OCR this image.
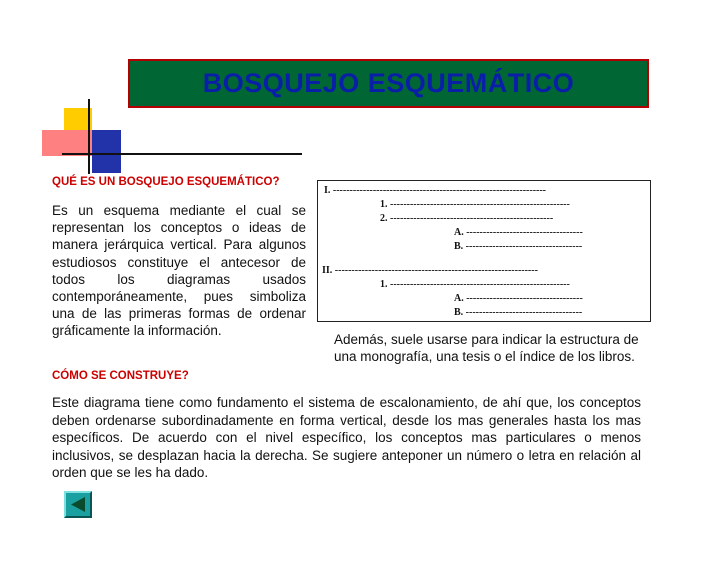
BOSQUEJO ESQUEMÁTICO
QUÉ ES UN BOSQUEJO ESQUEMÁTICO?
Es un esquema mediante el cual se representan los conceptos o ideas de manera jerárquica vertical. Para algunos estudiosos constituye el antecesor de todos los diagramas usados contemporáneamente, pues simboliza una de las primeras formas de ordenar gráficamente la información.
CÓMO SE CONSTRUYE?
I. ----------------------------------------------------------------
1. ------------------------------------------------------
2. -------------------------------------------------
A. -----------------------------------
B. -----------------------------------
II. -------------------------------------------------------------
1. ------------------------------------------------------
A. -----------------------------------
B. -----------------------------------
Además, suele usarse para indicar la estructura de una monografía, una tesis o el índice de los libros.
Este diagrama tiene como fundamento el sistema de escalonamiento, de ahí que, los conceptos deben ordenarse subordinadamente en forma vertical, desde los mas generales hasta los mas específicos. De acuerdo con el nivel específico, los conceptos mas particulares o menos inclusivos, se desplazan hacia la derecha. Se sugiere anteponer un número o letra en relación al orden que se les ha dado.
